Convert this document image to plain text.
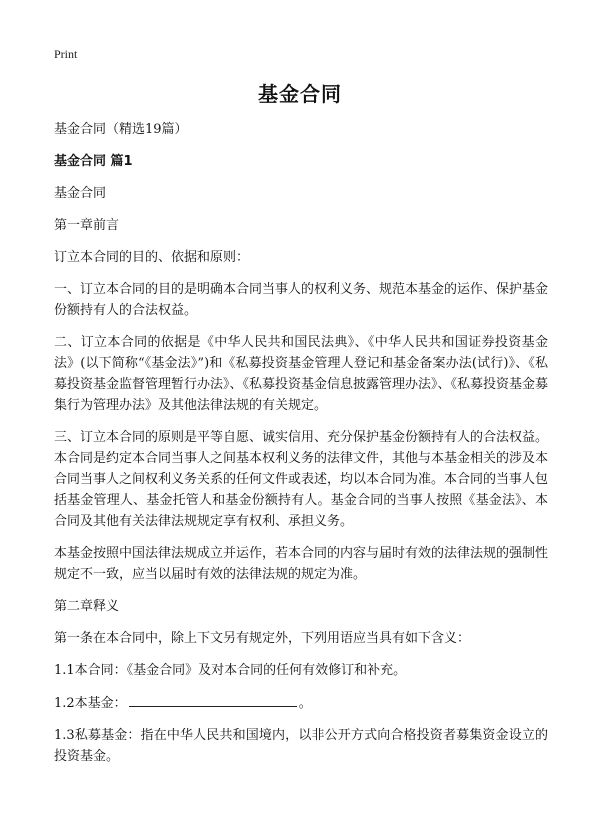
Print
基金合同

基金合同（精选19篇）

基金合同 篇1

基金合同

第一章前言

订立本合同的目的、依据和原则：

一、订立本合同的目的是明确本合同当事人的权利义务、规范本基金的运作、保护基金份额持有人的合法权益。

二、订立本合同的依据是《中华人民共和国民法典》、《中华人民共和国证券投资基金法》(以下简称“《基金法》”)和《私募投资基金管理人登记和基金备案办法(试行)》、《私募投资基金监督管理暂行办法》、《私募投资基金信息披露管理办法》、《私募投资基金募集行为管理办法》及其他法律法规的有关规定。

三、订立本合同的原则是平等自愿、诚实信用、充分保护基金份额持有人的合法权益。本合同是约定本合同当事人之间基本权利义务的法律文件，其他与本基金相关的涉及本合同当事人之间权利义务关系的任何文件或表述，均以本合同为准。本合同的当事人包括基金管理人、基金托管人和基金份额持有人。基金合同的当事人按照《基金法》、本合同及其他有关法律法规规定享有权利、承担义务。

本基金按照中国法律法规成立并运作，若本合同的内容与届时有效的法律法规的强制性规定不一致，应当以届时有效的法律法规的规定为准。

第二章释义

第一条在本合同中，除上下文另有规定外，下列用语应当具有如下含义：

1.1本合同：《基金合同》及对本合同的任何有效修订和补充。

1.2本基金：	。

1.3私募基金：指在中华人民共和国境内，以非公开方式向合格投资者募集资金设立的投资基金。
